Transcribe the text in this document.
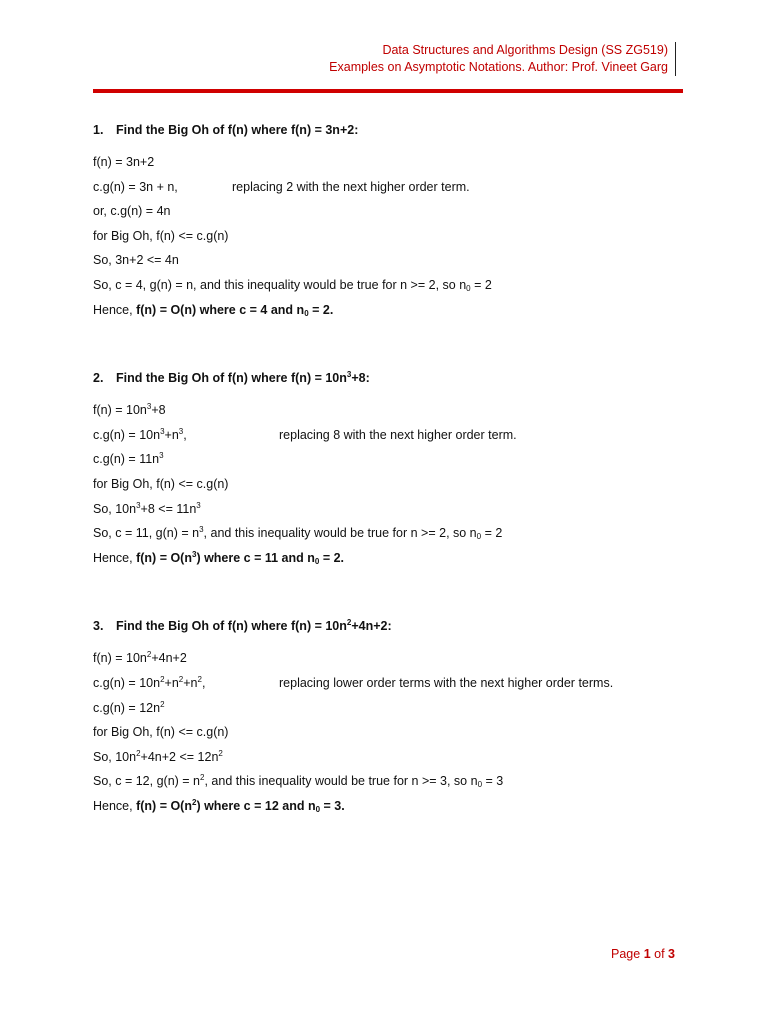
Data Structures and Algorithms Design (SS ZG519)
Examples on Asymptotic Notations. Author: Prof. Vineet Garg
1. Find the Big Oh of f(n) where f(n) = 3n+2:
f(n) = 3n+2
c.g(n) = 3n + n,	replacing 2 with the next higher order term.
or, c.g(n) = 4n
for Big Oh, f(n) <= c.g(n)
So, 3n+2 <= 4n
So, c = 4, g(n) = n, and this inequality would be true for n >= 2, so $n_0 = 2$
Hence, f(n) = O(n) where c = 4 and $n_0 = 2$.
2. Find the Big Oh of f(n) where $f(n) = 10n^3+8$:
$f(n) = 10n^3+8$
$c.g(n) = 10n^3+n^3$,	replacing 8 with the next higher order term.
$c.g(n) = 11n^3$
for Big Oh, f(n) <= c.g(n)
So, $10n^3+8 <= 11n^3$
So, c = 11, $g(n) = n^3$, and this inequality would be true for n >= 2, so $n_0 = 2$
Hence, $f(n) = O(n^3)$ where c = 11 and $n_0 = 2$.
3. Find the Big Oh of f(n) where $f(n) = 10n^2+4n+2$:
$f(n) = 10n^2+4n+2$
$c.g(n) = 10n^2+n^2+n^2$,	replacing lower order terms with the next higher order terms.
$c.g(n) = 12n^2$
for Big Oh, f(n) <= c.g(n)
So, $10n^2+4n+2 <= 12n^2$
So, c = 12, $g(n) = n^2$, and this inequality would be true for n >= 3, so $n_0 = 3$
Hence, $f(n) = O(n^2)$ where c = 12 and $n_0 = 3$.
Page 1 of 3
